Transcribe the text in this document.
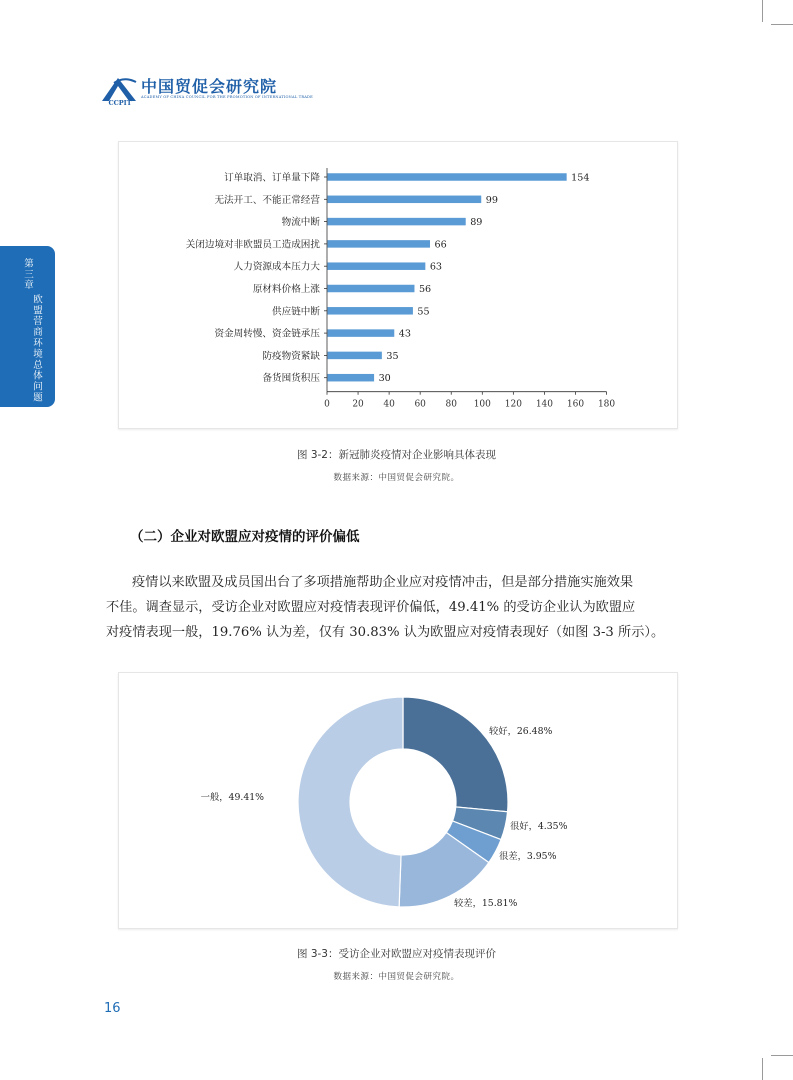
CCPIT
中国贸促会研究院
ACADEMY OF CHINA COUNCIL FOR THE PROMOTION OF INTERNATIONAL TRADE
第三章
欧盟营商环境总体问题
0 20 40 60 80 100 120 140 160 180
订单取消、订单量下降	154
无法开工、不能正常经营	99
物流中断	89
关闭边境对非欧盟员工造成困扰	66
人力资源成本压力大	63
原材料价格上涨	56
供应链中断	55
资金周转慢、资金链承压	43
防疫物资紧缺	35
备货囤货积压	30
图 3-2：新冠肺炎疫情对企业影响具体表现
数据来源：中国贸促会研究院。
（二）企业对欧盟应对疫情的评价偏低
疫情以来欧盟及成员国出台了多项措施帮助企业应对疫情冲击，但是部分措施实施效果
不佳。调查显示，受访企业对欧盟应对疫情表现评价偏低，49.41% 的受访企业认为欧盟应
对疫情表现一般，19.76% 认为差，仅有 30.83% 认为欧盟应对疫情表现好（如图 3-3 所示）。
较好，26.48%
很好，4.35%
很差，3.95%
较差，15.81%
一般，49.41%
图 3-3：受访企业对欧盟应对疫情表现评价
数据来源：中国贸促会研究院。
16
